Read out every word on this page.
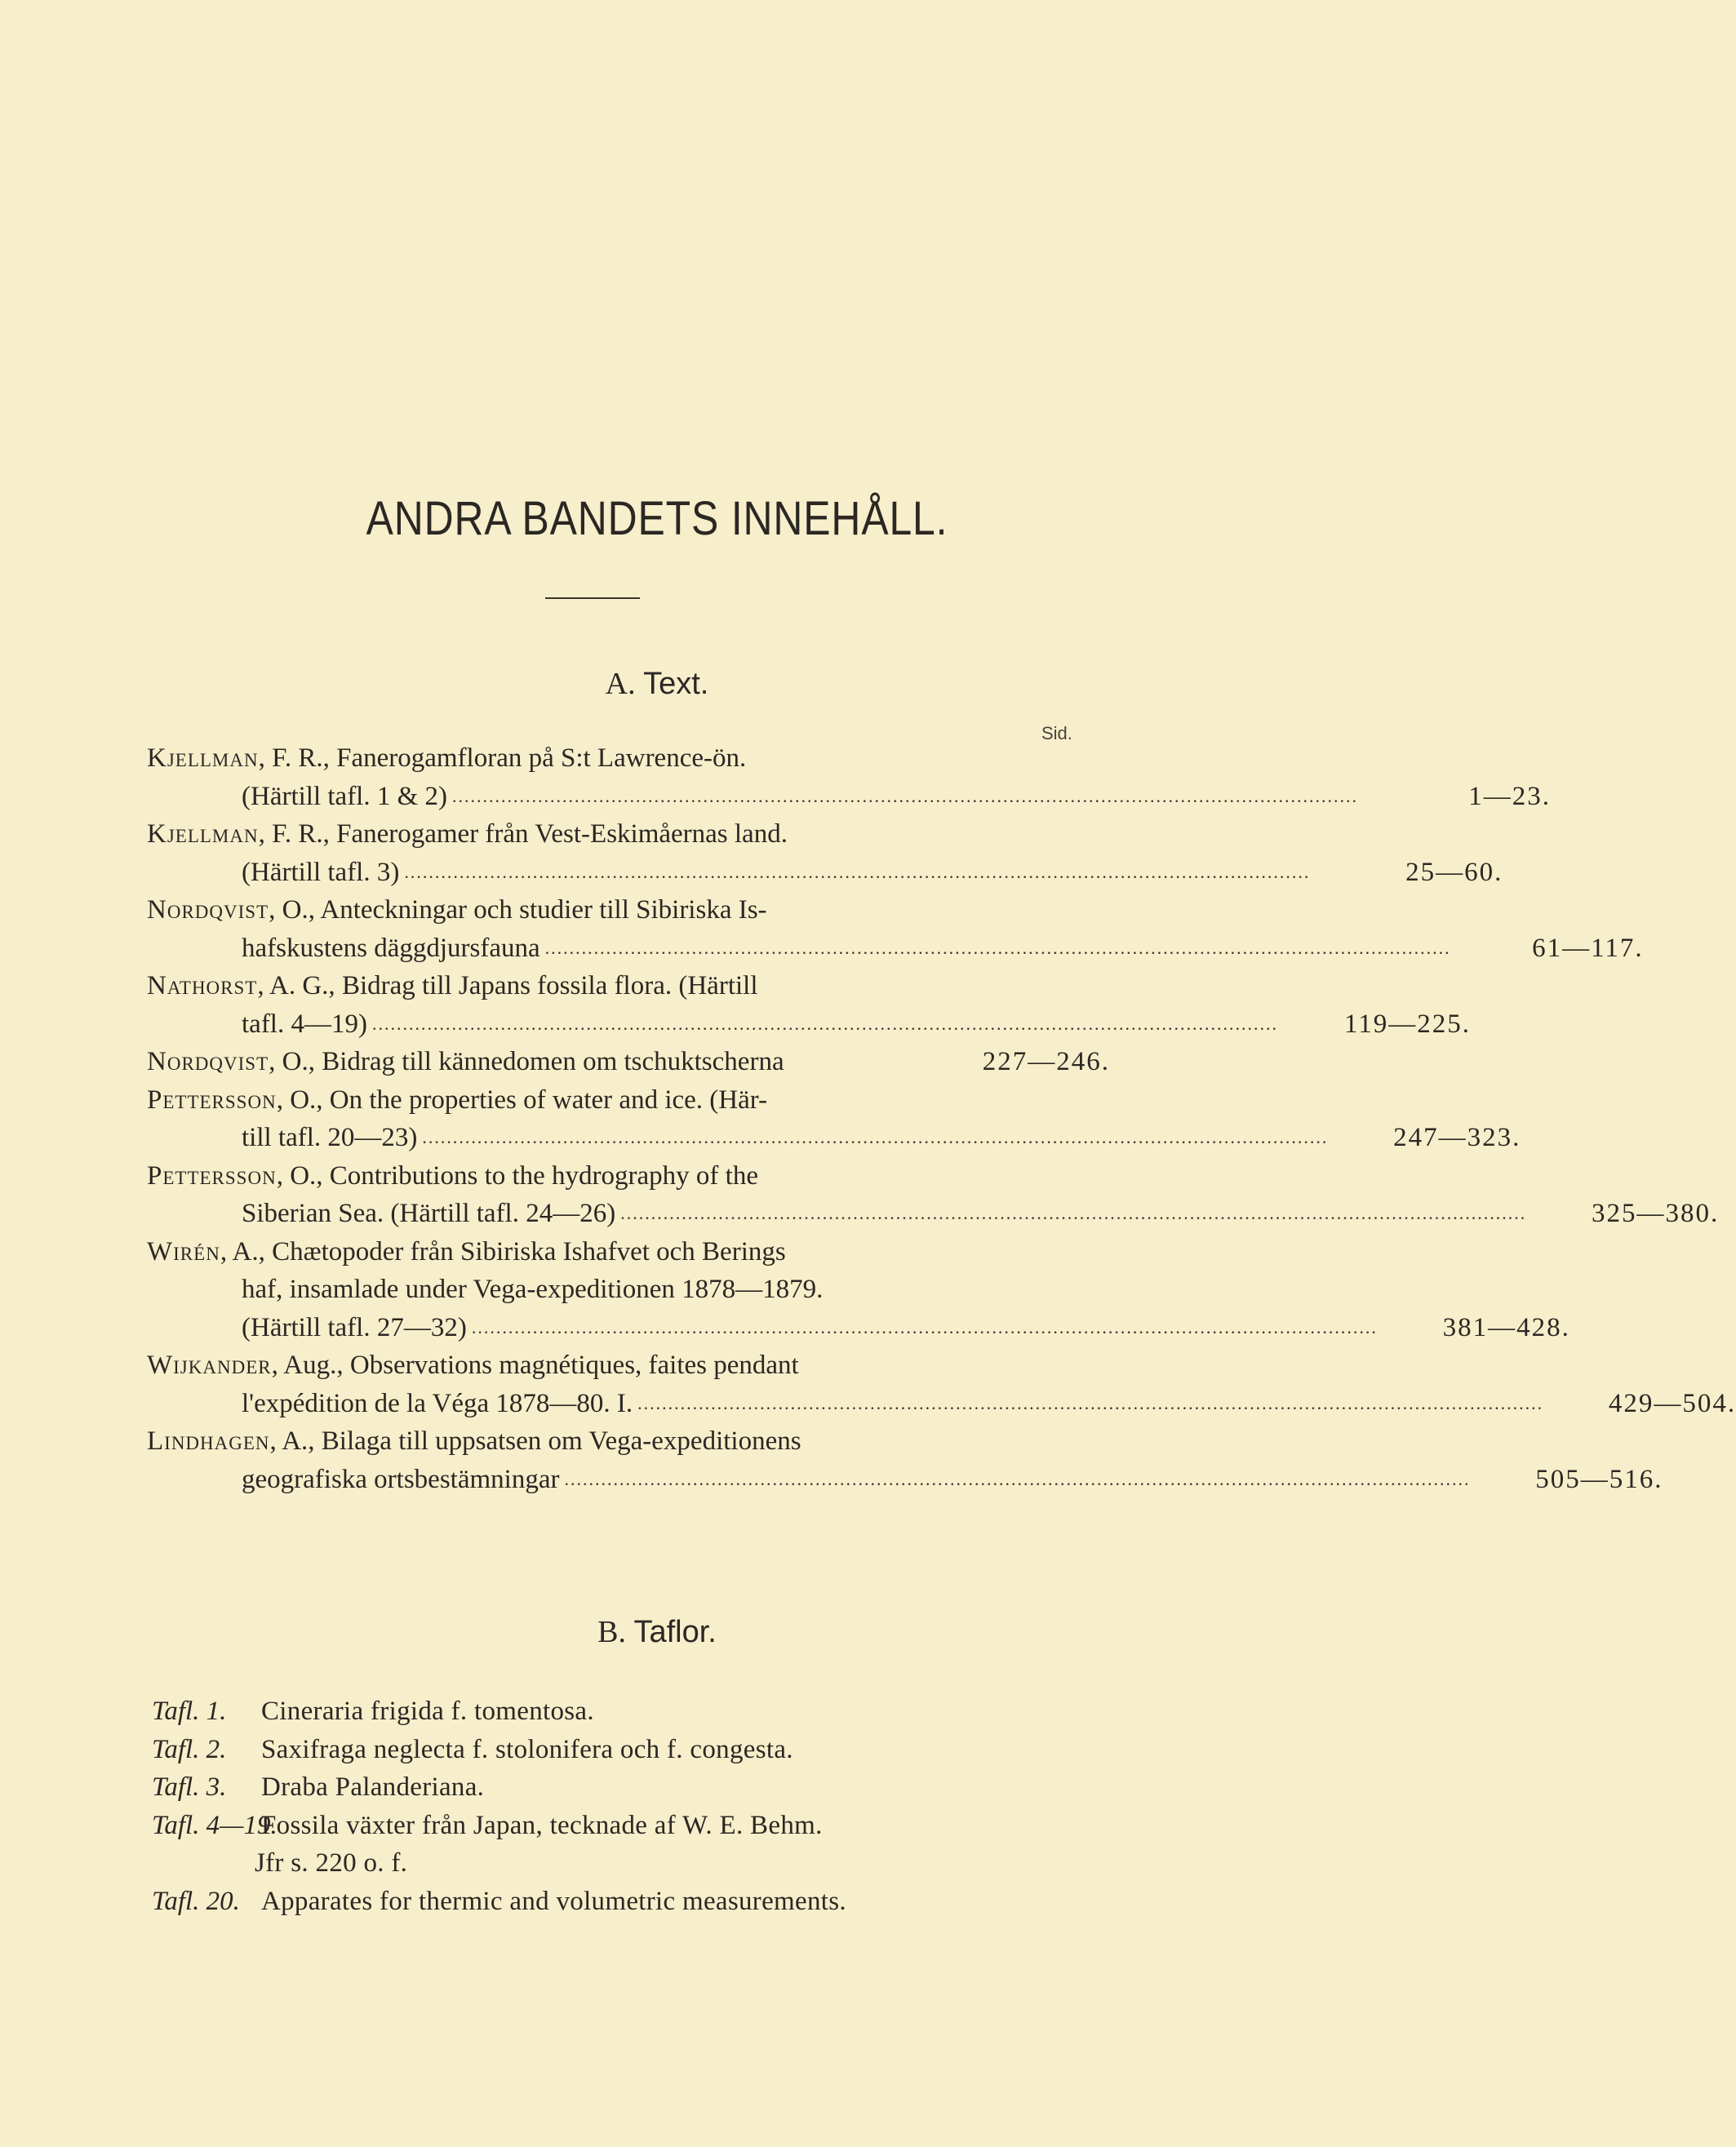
ANDRA BANDETS INNEHÅLL.
A. Text.
Sid.
Kjellman, F. R., Fanerogamfloran på S:t Lawrence-ön.
(Härtill tafl. 1 & 2) ....................................................................................................................................................	1—23.
Kjellman, F. R., Fanerogamer från Vest-Eskimåernas land.
(Härtill tafl. 3) ....................................................................................................................................................	25—60.
Nordqvist, O., Anteckningar och studier till Sibiriska Is-
hafskustens däggdjursfauna ....................................................................................................................................................	61—117.
Nathorst, A. G., Bidrag till Japans fossila flora. (Härtill
tafl. 4—19) ....................................................................................................................................................	119—225.
Nordqvist, O., Bidrag till kännedomen om tschuktscherna	227—246.
Pettersson, O., On the properties of water and ice. (Här-
till tafl. 20—23) ....................................................................................................................................................	247—323.
Pettersson, O., Contributions to the hydrography of the
Siberian Sea. (Härtill tafl. 24—26) ....................................................................................................................................................	325—380.
Wirén, A., Chætopoder från Sibiriska Ishafvet och Berings
haf, insamlade under Vega-expeditionen 1878—1879.
(Härtill tafl. 27—32) ....................................................................................................................................................	381—428.
Wijkander, Aug., Observations magnétiques, faites pendant
l'expédition de la Véga 1878—80. I. ....................................................................................................................................................	429—504.
Lindhagen, A., Bilaga till uppsatsen om Vega-expeditionens
geografiska ortsbestämningar ....................................................................................................................................................	505—516.
B. Taflor.
Tafl. 1. Cineraria frigida f. tomentosa.
Tafl. 2. Saxifraga neglecta f. stolonifera och f. congesta.
Tafl. 3. Draba Palanderiana.
Tafl. 4—19.Fossila växter från Japan, tecknade af W. E. Behm.
Jfr s. 220 o. f.
Tafl. 20. Apparates for thermic and volumetric measurements.
